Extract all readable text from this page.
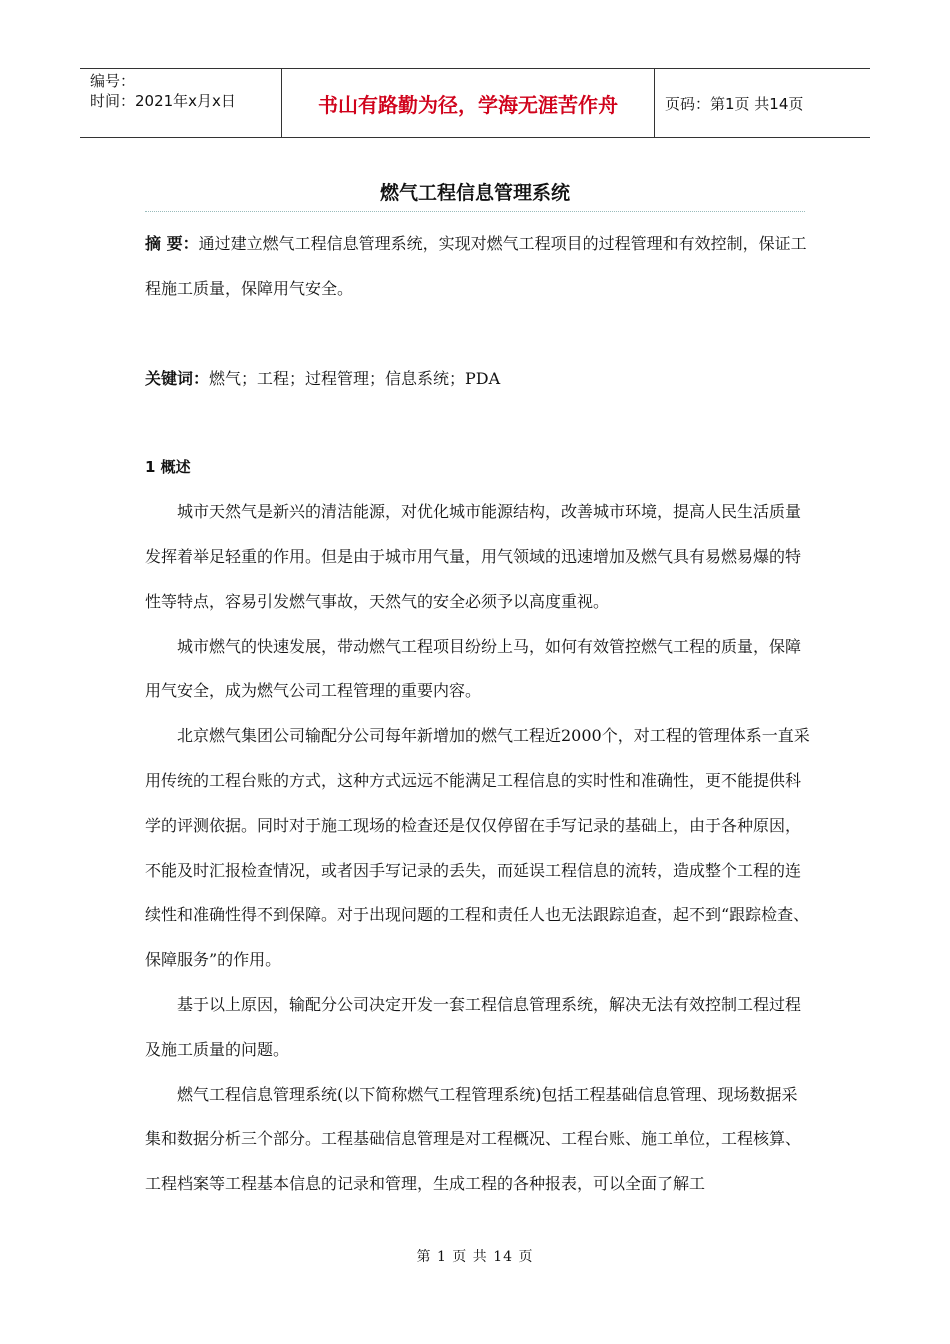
编号：
时间：2021年x月x日	书山有路勤为径，学海无涯苦作舟	页码：第1页 共14页
燃气工程信息管理系统

摘 要：通过建立燃气工程信息管理系统，实现对燃气工程项目的过程管理和有效控制，保证工程施工质量，保障用气安全。

关键词：燃气；工程；过程管理；信息系统；PDA

1 概述

城市天然气是新兴的清洁能源，对优化城市能源结构，改善城市环境，提高人民生活质量发挥着举足轻重的作用。但是由于城市用气量，用气领域的迅速增加及燃气具有易燃易爆的特性等特点，容易引发燃气事故，天然气的安全必须予以高度重视。

城市燃气的快速发展，带动燃气工程项目纷纷上马，如何有效管控燃气工程的质量，保障用气安全，成为燃气公司工程管理的重要内容。

北京燃气集团公司输配分公司每年新增加的燃气工程近2000个，对工程的管理体系一直采用传统的工程台账的方式，这种方式远远不能满足工程信息的实时性和准确性，更不能提供科学的评测依据。同时对于施工现场的检查还是仅仅停留在手写记录的基础上，由于各种原因，不能及时汇报检查情况，或者因手写记录的丢失，而延误工程信息的流转，造成整个工程的连续性和准确性得不到保障。对于出现问题的工程和责任人也无法跟踪追查，起不到“跟踪检查、保障服务”的作用。

基于以上原因，输配分公司决定开发一套工程信息管理系统，解决无法有效控制工程过程及施工质量的问题。

燃气工程信息管理系统(以下简称燃气工程管理系统)包括工程基础信息管理、现场数据采集和数据分析三个部分。工程基础信息管理是对工程概况、工程台账、施工单位，工程核算、工程档案等工程基本信息的记录和管理，生成工程的各种报表，可以全面了解工

第 1 页 共 14 页
